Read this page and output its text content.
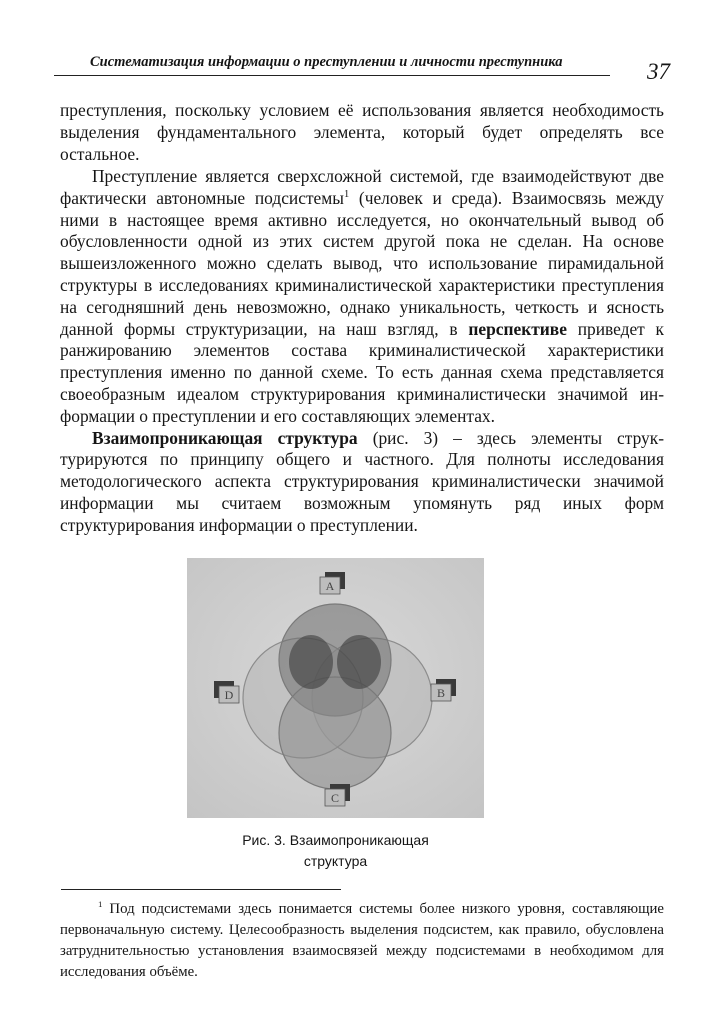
Систематизация информации о преступлении и личности преступника	37

преступления, поскольку условием её использования является необходимость выделения фундаментального элемента, который будет определять все остальное.

Преступление является сверхсложной системой, где взаимодействуют две фактически автономные подсистемы$^1$ (человек и среда). Взаимосвязь между ними в настоящее время активно исследуется, но окончательный вывод об обусловленности одной из этих систем другой пока не сделан. На основе вышеизложенного можно сделать вывод, что использование пирамидальной структуры в исследованиях криминалистической характеристики преступления на сегодняшний день невозможно, однако уникальность, четкость и ясность данной формы структуризации, на наш взгляд, в перспективе приведет к ранжированию элементов состава криминалистической характеристики преступления именно по данной схеме. То есть данная схема представляется своеобразным идеалом структурирования криминалистически значимой информации о преступлении и его составляющих элементах.

Взаимопроникающая структура (рис. 3) – здесь элементы структурируются по принципу общего и частного. Для полноты исследования методологического аспекта структурирования криминалистически значимой информации мы считаем возможным упомянуть ряд иных форм структурирования информации о преступлении.

A
B
C
D
Рис. 3. Взаимопроникающая
структура
$^1$ Под подсистемами здесь понимается системы более низкого уровня, составляющие первоначальную систему. Целесообразность выделения подсистем, как правило, обусловлена затруднительностью установления взаимосвязей между подсистемами в необходимом для исследования объёме.
